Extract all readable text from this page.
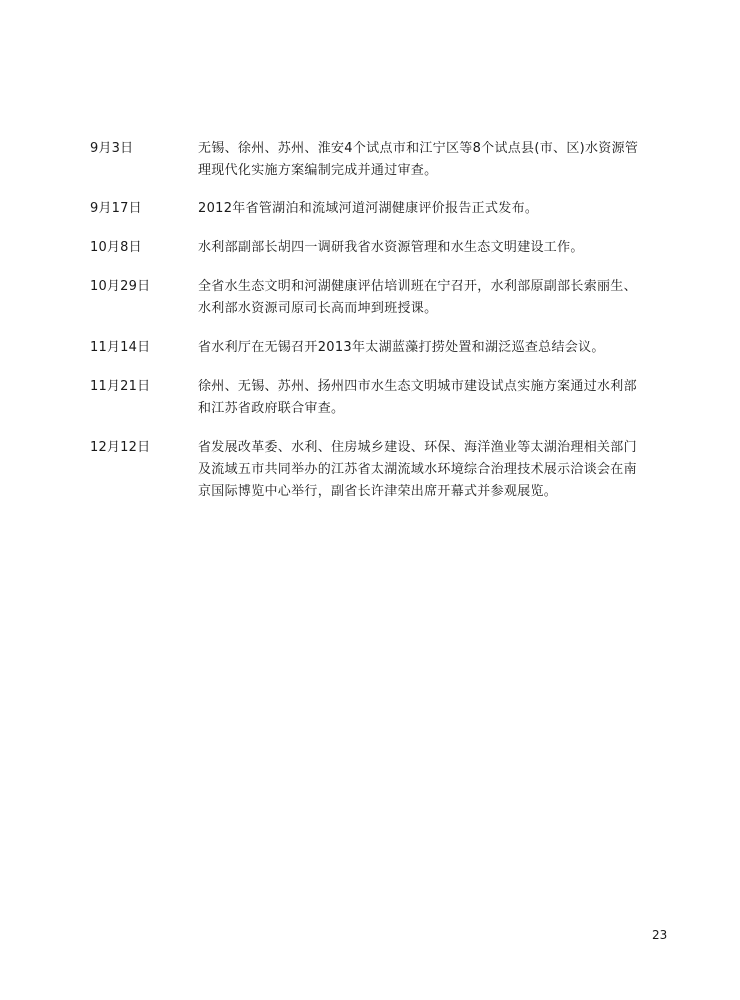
9月3日	无锡、徐州、苏州、淮安4个试点市和江宁区等8个试点县(市、区)水资源管
理现代化实施方案编制完成并通过审查。
9月17日	2012年省管湖泊和流域河道河湖健康评价报告正式发布。
10月8日	水利部副部长胡四一调研我省水资源管理和水生态文明建设工作。
10月29日	全省水生态文明和河湖健康评估培训班在宁召开，水利部原副部长索丽生、
水利部水资源司原司长高而坤到班授课。
11月14日	省水利厅在无锡召开2013年太湖蓝藻打捞处置和湖泛巡查总结会议。
11月21日	徐州、无锡、苏州、扬州四市水生态文明城市建设试点实施方案通过水利部
和江苏省政府联合审查。
12月12日	省发展改革委、水利、住房城乡建设、环保、海洋渔业等太湖治理相关部门
及流域五市共同举办的江苏省太湖流域水环境综合治理技术展示洽谈会在南
京国际博览中心举行，副省长许津荣出席开幕式并参观展览。
23
